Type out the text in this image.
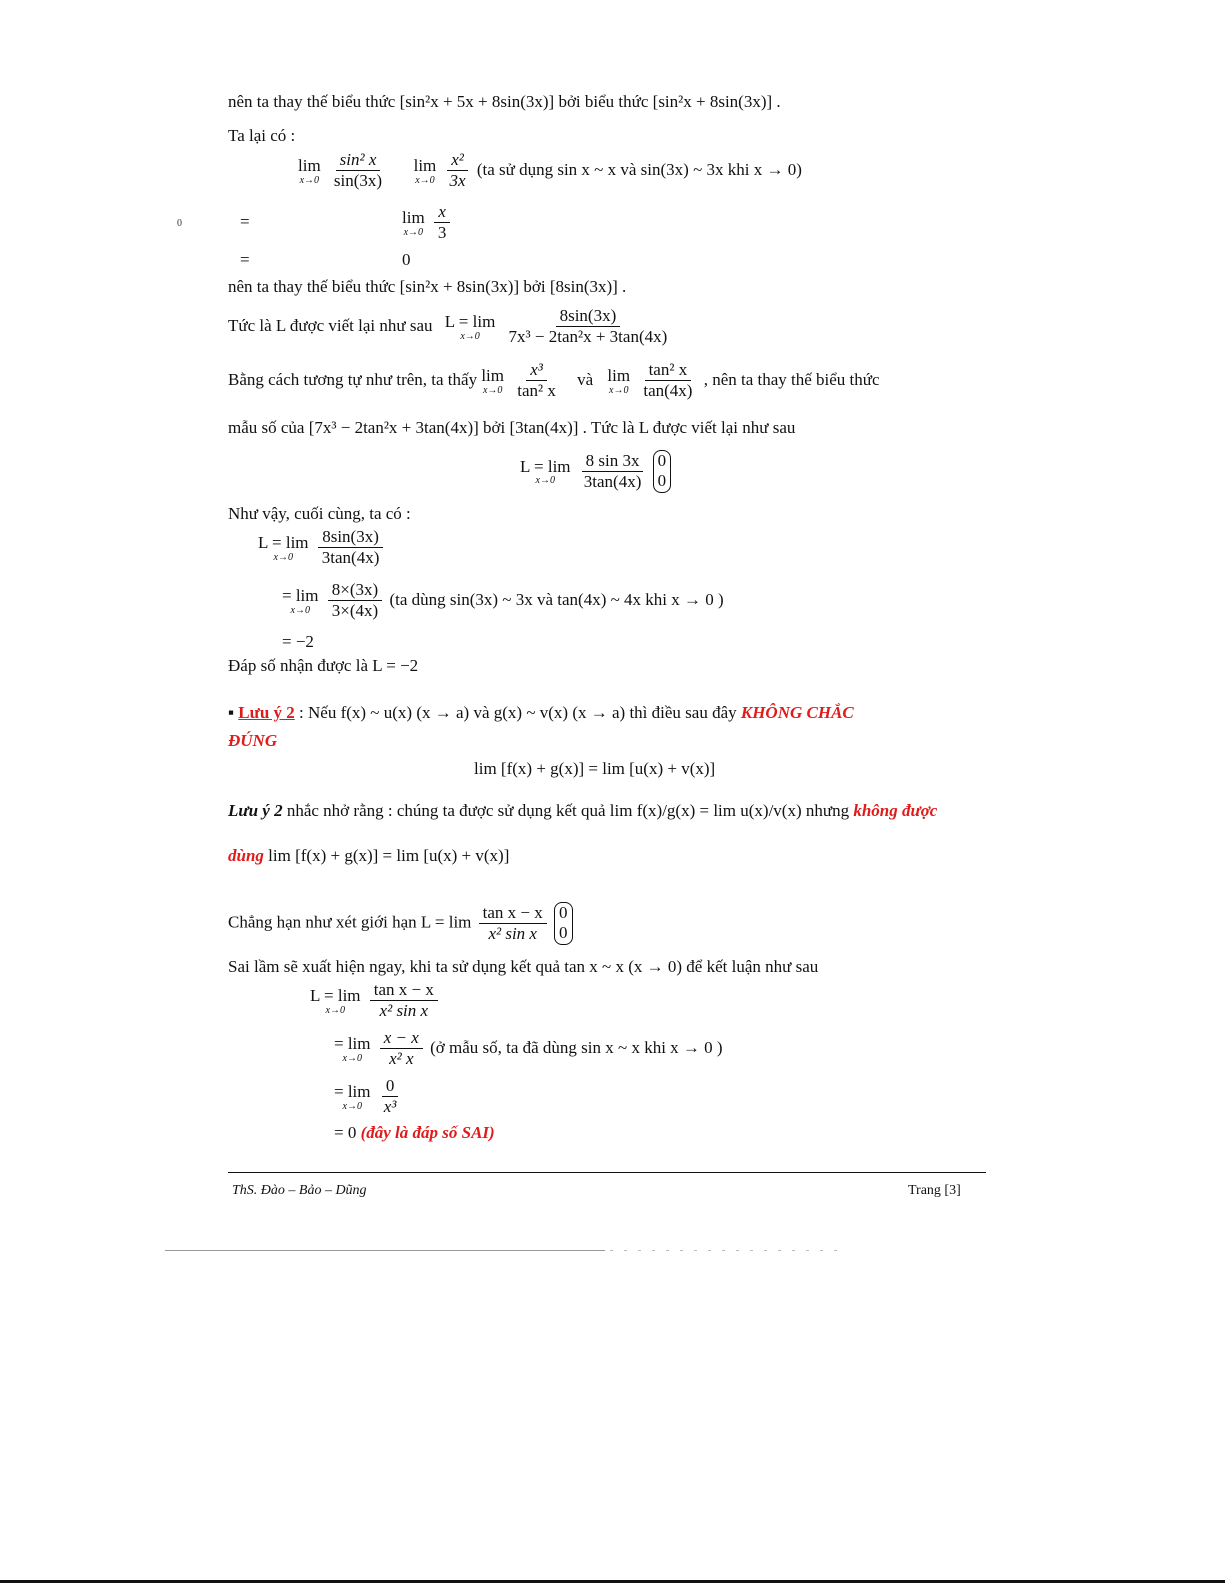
0
nên ta thay thế biểu thức [sin²x + 5x + 8sin(3x)] bởi biểu thức [sin²x + 8sin(3x)] .
Ta lại có :
lim
x→0
$\frac{\text{sin² x}}{\sin(3x)}$
lim
x→0
$\frac{\text{x²}}{3x} (ta$ sử dụng sin x ~ x và sin(3x) ~ 3x khi x → 0)
=	lim
x→0
$\frac{x}{3}$
=	0
nên ta thay thế biểu thức [sin²x + 8sin(3x)] bởi [8sin(3x)] .
Tức là L được viết lại như sau L = lim
x→0
$\frac{8\sin(3x)}{\text{7x³ − 2tan²x + 3tan(4x)}}$
Bằng cách tương tự như trên, ta thấy lim
x→0
$\frac{\text{x³}}{\text{tan² x}}$ và lim
x→0
$\frac{\text{tan² x}}{\tan(4x)}$ , nên ta thay thế biểu thức
mẫu số của [7x³ − 2tan²x + 3tan(4x)] bởi [3tan(4x)] . Tức là L được viết lại như sau
L = lim
x→0
$\frac{8 \sin 3x}{3\tan(4x)} 0$
0
Như vậy, cuối cùng, ta có :
L = lim
x→0
$\frac{8\sin(3x)}{3\tan(4x)}$
= lim
x→0
$\frac{8\times(3x)}{3\times(4x)} (ta$ dùng sin(3x) ~ 3x và tan(4x) ~ 4x khi x → 0 )
= −2
Đáp số nhận được là L = −2
▪ Lưu ý 2 : Nếu f(x) ~ u(x) (x → a) và g(x) ~ v(x) (x → a) thì điều sau đây KHÔNG CHẮC
ĐÚNG
lim [f(x) + g(x)] = lim [u(x) + v(x)]
Lưu ý 2 nhắc nhở rằng : chúng ta được sử dụng kết quả lim f(x)/g(x) = lim u(x)/v(x) nhưng không được
dùng lim [f(x) + g(x)] = lim [u(x) + v(x)]
Chẳng hạn như xét giới hạn $L = \lim \frac{\text{tan x − x}}{\text{x² sin x}} 0$
0
Sai lầm sẽ xuất hiện ngay, khi ta sử dụng kết quả tan x ~ x (x → 0) để kết luận như sau
L = lim
x→0
$\frac{\text{tan x − x}}{\text{x² sin x}}$
= lim
x→0
$\frac{x - x}{\text{x² x}}$ (ở mẫu số, ta đã dùng sin x ~ x khi x → 0 )
= lim
x→0
$\frac{0}{\text{x³}}$
= 0 (đây là đáp số SAI)
ThS. Đào – Bảo – Dũng	Trang [3]
